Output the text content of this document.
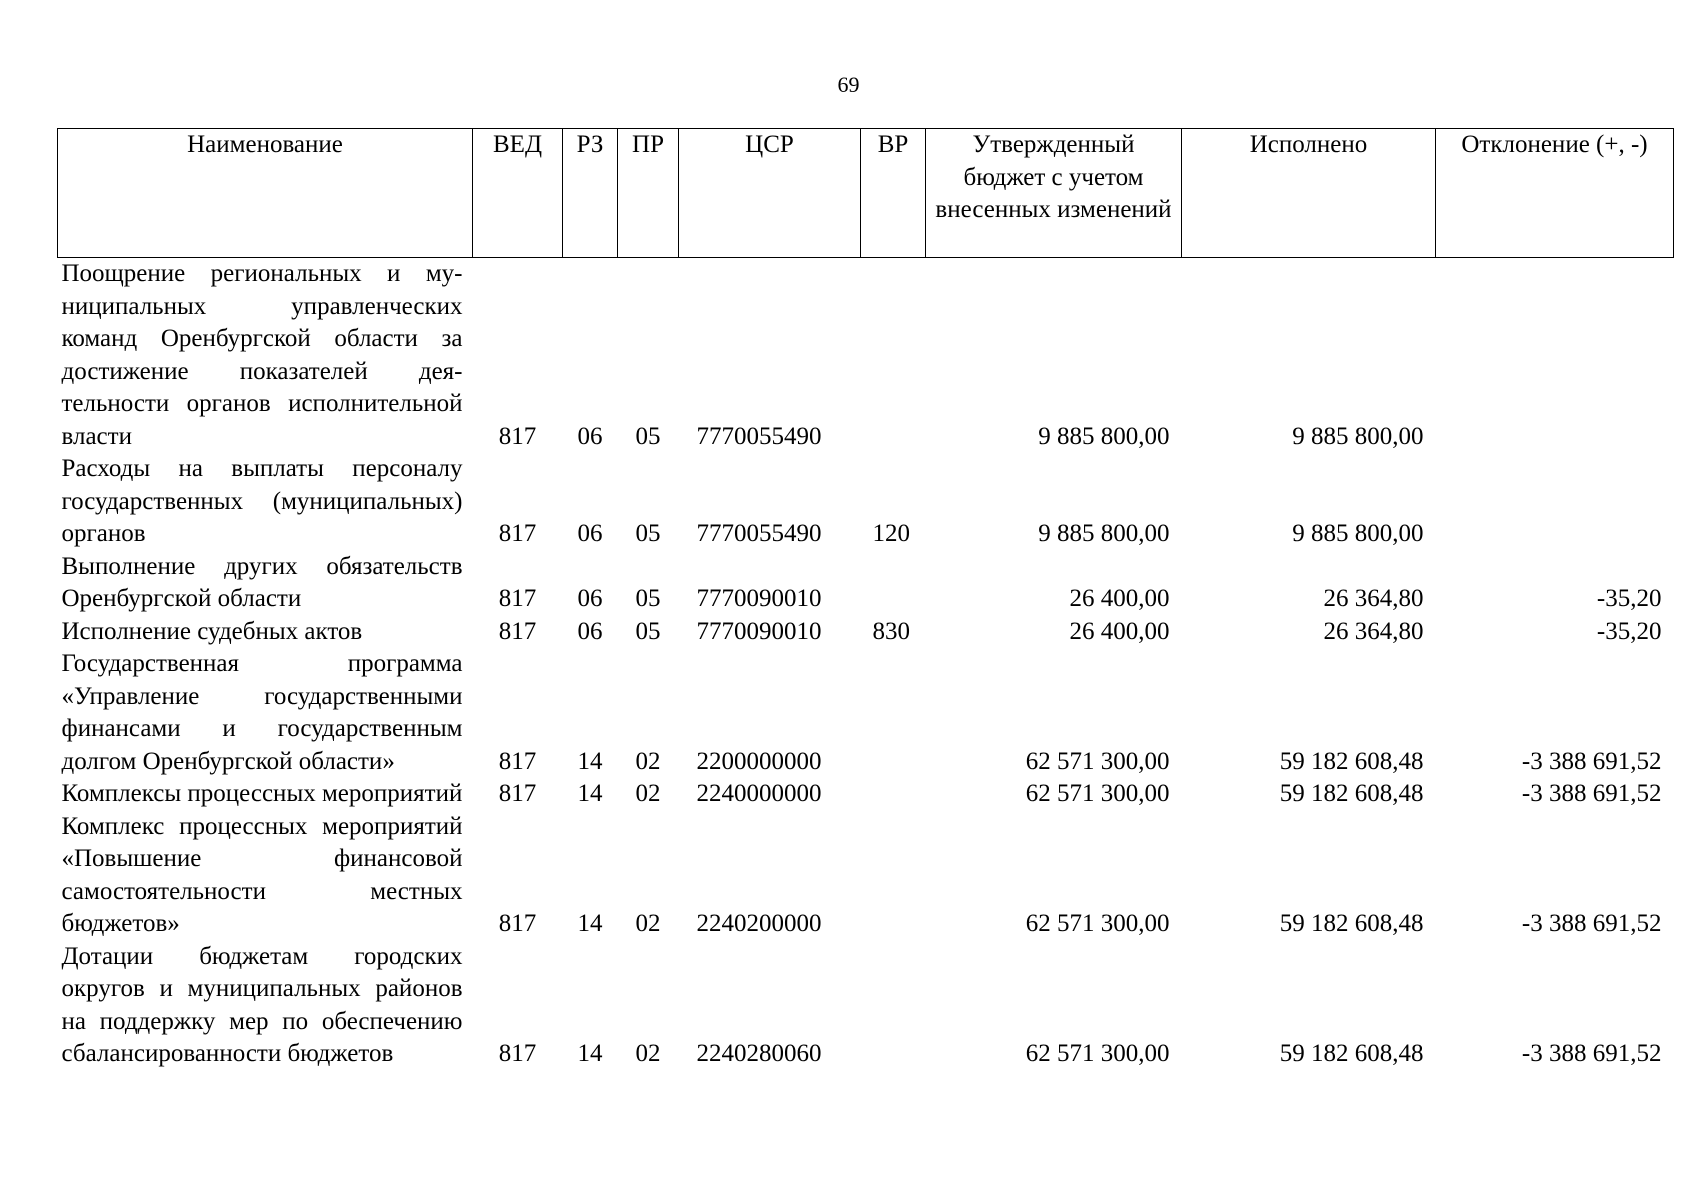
69
Наименование	ВЕД	РЗ	ПР	ЦСР	ВР	Утвержденный бюджет с учетом внесенных изменений	Исполнено	Отклонение (+, -)
Поощрение региональных и муниципальных управленческих команд Оренбургской области за достижение показателей деятельности органов исполнительной власти	817	06	05	7770055490		9 885 800,00	9 885 800,00	
Расходы на выплаты персоналу государственных (муниципальных) органов	817	06	05	7770055490	120	9 885 800,00	9 885 800,00	
Выполнение других обязательств Оренбургской области	817	06	05	7770090010		26 400,00	26 364,80	-35,20
Исполнение судебных актов	817	06	05	7770090010	830	26 400,00	26 364,80	-35,20
Государственная программа «Управление государственными финансами и государственным долгом Оренбургской области»	817	14	02	2200000000		62 571 300,00	59 182 608,48	-3 388 691,52
Комплексы процессных мероприятий	817	14	02	2240000000		62 571 300,00	59 182 608,48	-3 388 691,52
Комплекс процессных мероприятий «Повышение финансовой самостоятельности местных бюджетов»	817	14	02	2240200000		62 571 300,00	59 182 608,48	-3 388 691,52
Дотации бюджетам городских округов и муниципальных районов на поддержку мер по обеспечению сбалансированности бюджетов	817	14	02	2240280060		62 571 300,00	59 182 608,48	-3 388 691,52
